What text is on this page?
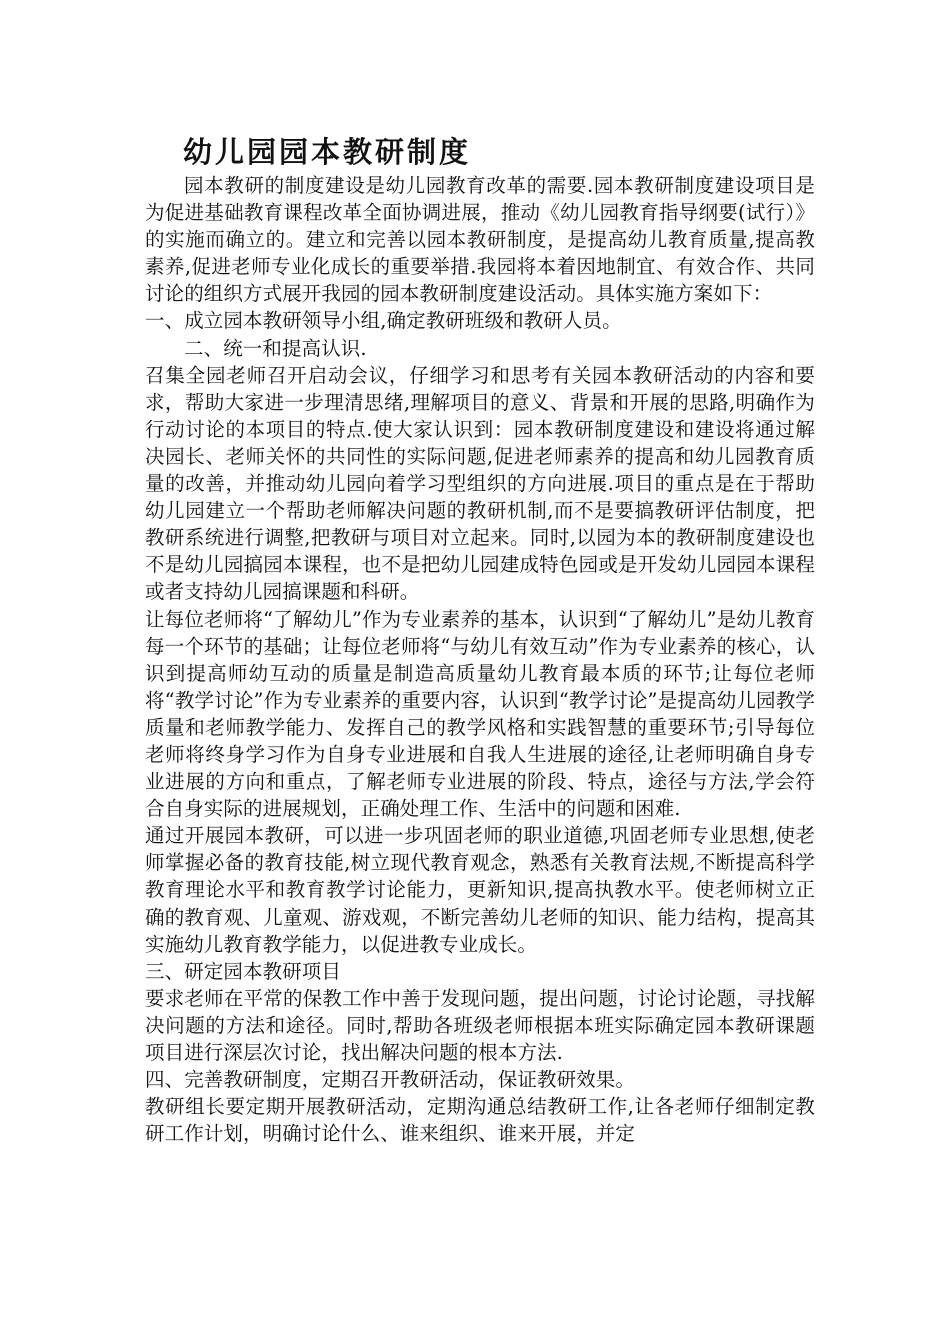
幼儿园园本教研制度

园本教研的制度建设是幼儿园教育改革的需要.园本教研制度建设项目是为促进基础教育课程改革全面协调进展，推动《幼儿园教育指导纲要(试行）》的实施而确立的。建立和完善以园本教研制度，是提高幼儿教育质量,提高教素养,促进老师专业化成长的重要举措.我园将本着因地制宜、有效合作、共同讨论的组织方式展开我园的园本教研制度建设活动。具体实施方案如下：

一、成立园本教研领导小组,确定教研班级和教研人员。

二、统一和提高认识.

召集全园老师召开启动会议，仔细学习和思考有关园本教研活动的内容和要求，帮助大家进一步理清思绪,理解项目的意义、背景和开展的思路,明确作为行动讨论的本项目的特点.使大家认识到：园本教研制度建设和建设将通过解决园长、老师关怀的共同性的实际问题,促进老师素养的提高和幼儿园教育质量的改善，并推动幼儿园向着学习型组织的方向进展.项目的重点是在于帮助幼儿园建立一个帮助老师解决问题的教研机制,而不是要搞教研评估制度，把教研系统进行调整,把教研与项目对立起来。同时,以园为本的教研制度建设也不是幼儿园搞园本课程，也不是把幼儿园建成特色园或是开发幼儿园园本课程或者支持幼儿园搞课题和科研。

让每位老师将“了解幼儿”作为专业素养的基本，认识到“了解幼儿”是幼儿教育每一个环节的基础；让每位老师将“与幼儿有效互动”作为专业素养的核心，认识到提高师幼互动的质量是制造高质量幼儿教育最本质的环节;让每位老师将“教学讨论”作为专业素养的重要内容，认识到“教学讨论”是提高幼儿园教学质量和老师教学能力、发挥自己的教学风格和实践智慧的重要环节;引导每位老师将终身学习作为自身专业进展和自我人生进展的途径,让老师明确自身专业进展的方向和重点，了解老师专业进展的阶段、特点，途径与方法,学会符合自身实际的进展规划，正确处理工作、生活中的问题和困难.

通过开展园本教研，可以进一步巩固老师的职业道德,巩固老师专业思想,使老师掌握必备的教育技能,树立现代教育观念，熟悉有关教育法规,不断提高科学教育理论水平和教育教学讨论能力，更新知识,提高执教水平。使老师树立正确的教育观、儿童观、游戏观，不断完善幼儿老师的知识、能力结构，提高其实施幼儿教育教学能力，以促进教专业成长。

三、研定园本教研项目

要求老师在平常的保教工作中善于发现问题，提出问题，讨论讨论题，寻找解决问题的方法和途径。同时,帮助各班级老师根据本班实际确定园本教研课题项目进行深层次讨论，找出解决问题的根本方法.

四、完善教研制度，定期召开教研活动，保证教研效果。

教研组长要定期开展教研活动，定期沟通总结教研工作,让各老师仔细制定教研工作计划，明确讨论什么、谁来组织、谁来开展，并定
